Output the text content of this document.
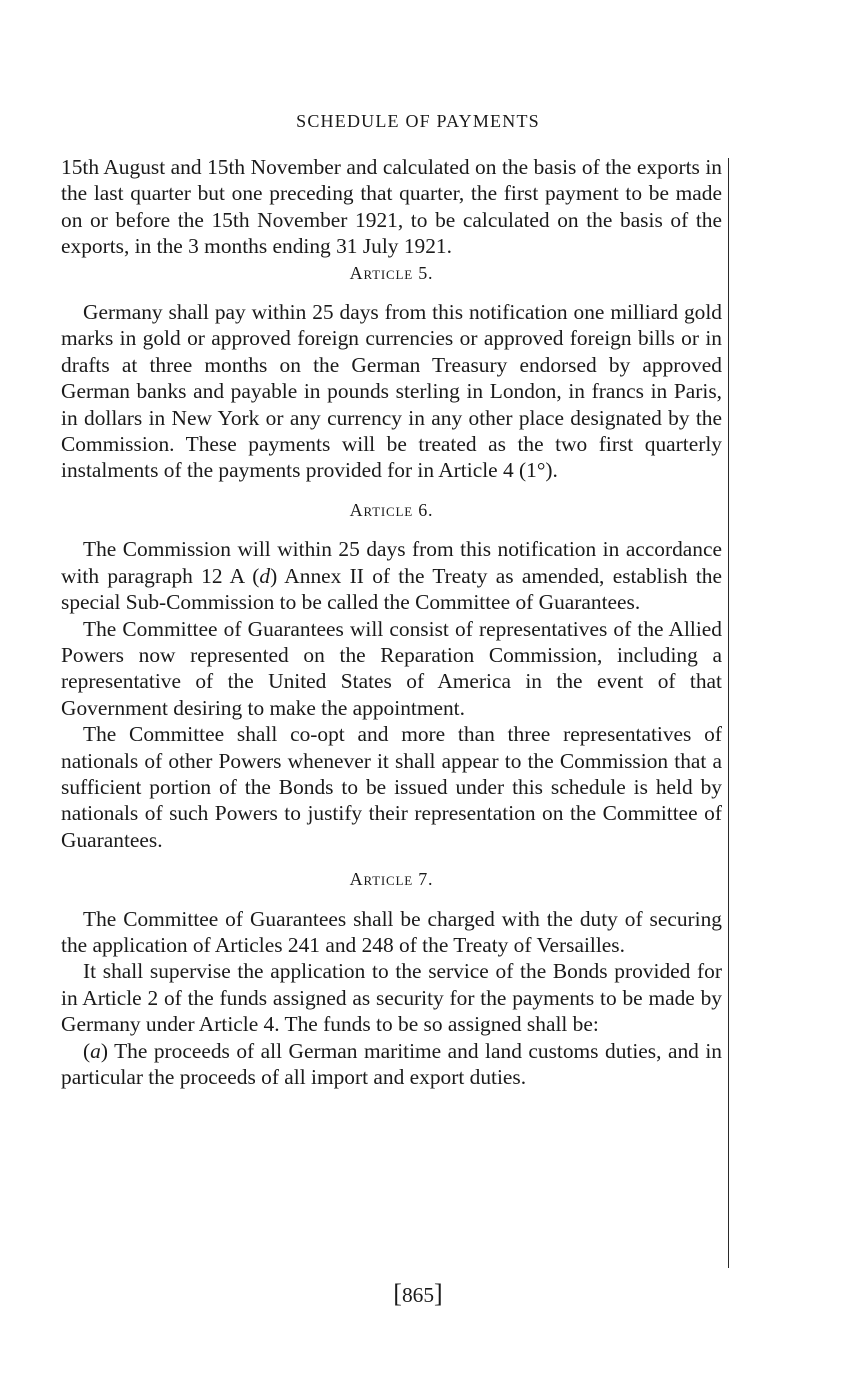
SCHEDULE OF PAYMENTS

15th August and 15th November and calculated on the basis of the exports in the last quarter but one preceding that quarter, the first payment to be made on or before the 15th November 1921, to be calculated on the basis of the exports, in the 3 months ending 31 July 1921.

Article 5.

Germany shall pay within 25 days from this notification one milliard gold marks in gold or approved foreign currencies or approved foreign bills or in drafts at three months on the German Treasury endorsed by approved German banks and payable in pounds sterling in London, in francs in Paris, in dollars in New York or any currency in any other place designated by the Commission. These payments will be treated as the two first quarterly instalments of the payments provided for in Article 4 (1°).

Article 6.

The Commission will within 25 days from this notification in accordance with paragraph 12 A (d) Annex II of the Treaty as amended, establish the special Sub-Commission to be called the Committee of Guarantees.

The Committee of Guarantees will consist of representatives of the Allied Powers now represented on the Reparation Commission, including a representative of the United States of America in the event of that Government desiring to make the appointment.

The Committee shall co-opt and more than three representatives of nationals of other Powers whenever it shall appear to the Commission that a sufficient portion of the Bonds to be issued under this schedule is held by nationals of such Powers to justify their representation on the Committee of Guarantees.

Article 7.

The Committee of Guarantees shall be charged with the duty of securing the application of Articles 241 and 248 of the Treaty of Versailles.

It shall supervise the application to the service of the Bonds provided for in Article 2 of the funds assigned as security for the payments to be made by Germany under Article 4. The funds to be so assigned shall be:

(a) The proceeds of all German maritime and land customs duties, and in particular the proceeds of all import and export duties.

[865]
